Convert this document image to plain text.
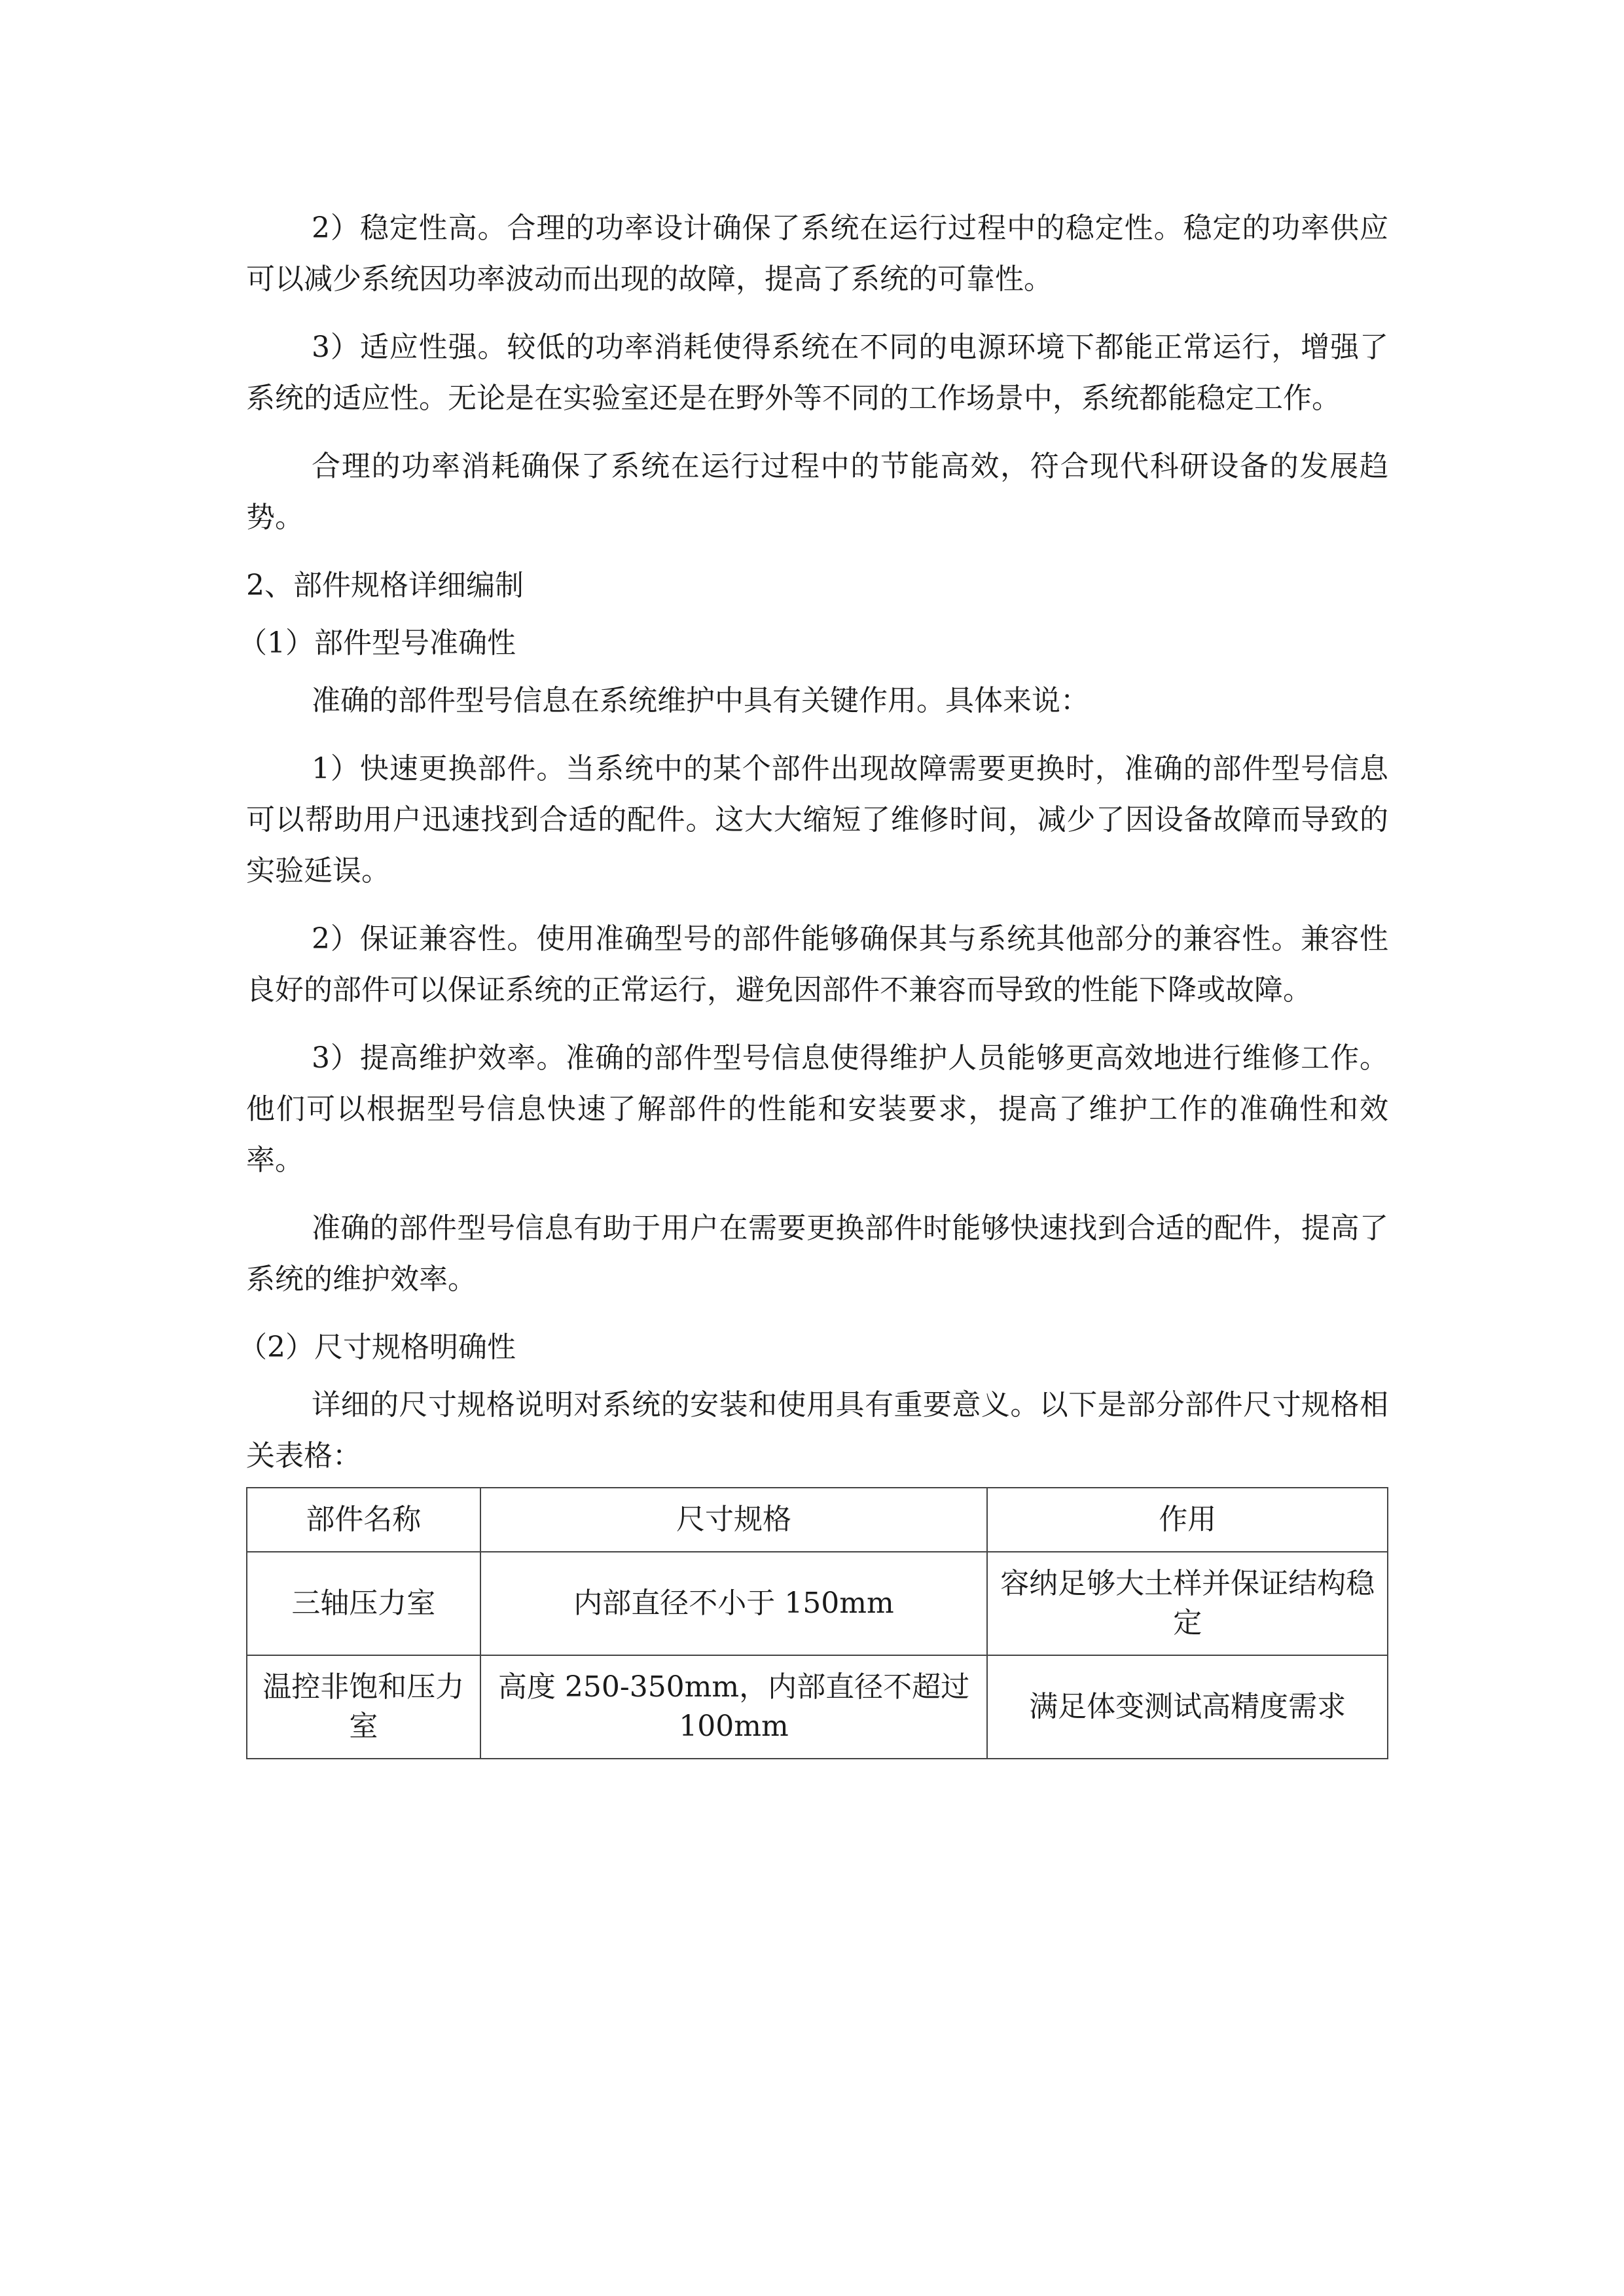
2）稳定性高。合理的功率设计确保了系统在运行过程中的稳定性。稳定的功率供应可以减少系统因功率波动而出现的故障，提高了系统的可靠性。

3）适应性强。较低的功率消耗使得系统在不同的电源环境下都能正常运行，增强了系统的适应性。无论是在实验室还是在野外等不同的工作场景中，系统都能稳定工作。

合理的功率消耗确保了系统在运行过程中的节能高效，符合现代科研设备的发展趋势。

2、部件规格详细编制
（1）部件型号准确性

准确的部件型号信息在系统维护中具有关键作用。具体来说：

1）快速更换部件。当系统中的某个部件出现故障需要更换时，准确的部件型号信息可以帮助用户迅速找到合适的配件。这大大缩短了维修时间，减少了因设备故障而导致的实验延误。

2）保证兼容性。使用准确型号的部件能够确保其与系统其他部分的兼容性。兼容性良好的部件可以保证系统的正常运行，避免因部件不兼容而导致的性能下降或故障。

3）提高维护效率。准确的部件型号信息使得维护人员能够更高效地进行维修工作。他们可以根据型号信息快速了解部件的性能和安装要求，提高了维护工作的准确性和效率。

准确的部件型号信息有助于用户在需要更换部件时能够快速找到合适的配件，提高了系统的维护效率。

（2）尺寸规格明确性

详细的尺寸规格说明对系统的安装和使用具有重要意义。以下是部分部件尺寸规格相关表格：

部件名称	尺寸规格	作用
三轴压力室	内部直径不小于 150mm	容纳足够大土样并保证结构稳定
温控非饱和压力室	高度 250-350mm，内部直径不超过 100mm	满足体变测试高精度需求
